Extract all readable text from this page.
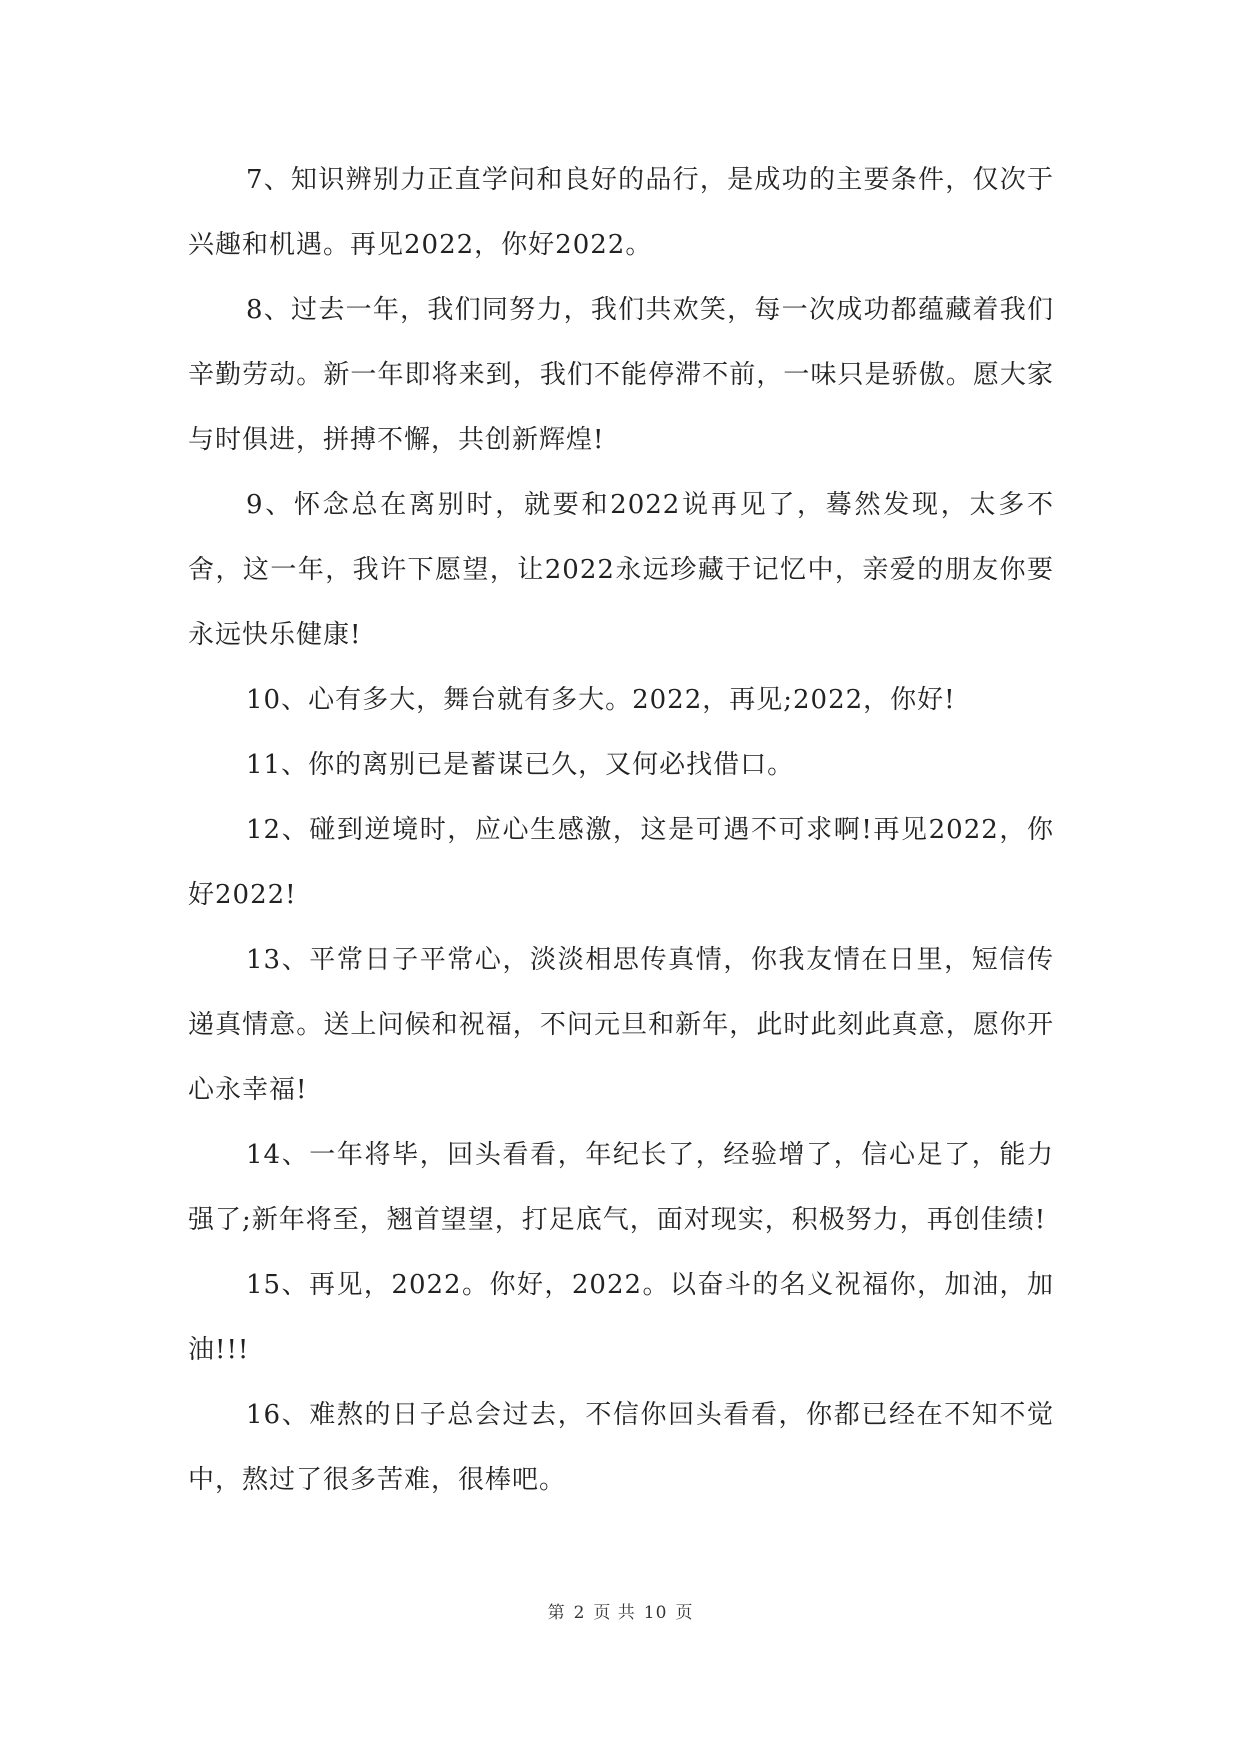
7、知识辨别力正直学问和良好的品行，是成功的主要条件，仅次于兴趣和机遇。再见2022，你好2022。

8、过去一年，我们同努力，我们共欢笑，每一次成功都蕴藏着我们辛勤劳动。新一年即将来到，我们不能停滞不前，一味只是骄傲。愿大家与时俱进，拼搏不懈，共创新辉煌!

9、怀念总在离别时，就要和2022说再见了，蓦然发现，太多不舍，这一年，我许下愿望，让2022永远珍藏于记忆中，亲爱的朋友你要永远快乐健康!

10、心有多大，舞台就有多大。2022，再见;2022，你好!

11、你的离别已是蓄谋已久，又何必找借口。

12、碰到逆境时，应心生感激，这是可遇不可求啊!再见2022，你好2022!

13、平常日子平常心，淡淡相思传真情，你我友情在日里，短信传递真情意。送上问候和祝福，不问元旦和新年，此时此刻此真意，愿你开心永幸福!

14、一年将毕，回头看看，年纪长了，经验增了，信心足了，能力强了;新年将至，翘首望望，打足底气，面对现实，积极努力，再创佳绩!

15、再见，2022。你好，2022。以奋斗的名义祝福你，加油，加油!!!

16、难熬的日子总会过去，不信你回头看看，你都已经在不知不觉中，熬过了很多苦难，很棒吧。

第 2 页 共 10 页
